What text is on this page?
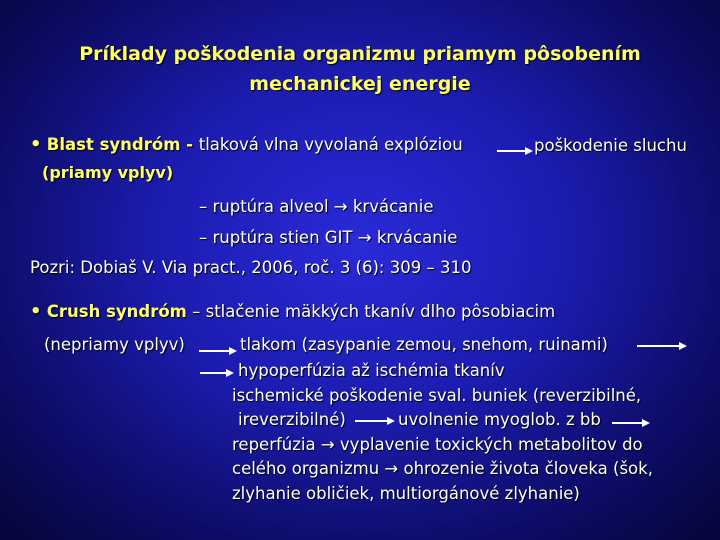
Príklady poškodenia organizmu priamym pôsobením
mechanickej energie
• Blast syndróm - tlaková vlna vyvolaná explóziou	poškodenie sluchu
(priamy vplyv)
– ruptúra alveol → krvácanie
– ruptúra stien GIT → krvácanie
Pozri: Dobiaš V. Via pract., 2006, roč. 3 (6): 309 – 310
• Crush syndróm – stlačenie mäkkých tkanív dlho pôsobiacim
(nepriamy vplyv)	tlakom (zasypanie zemou, snehom, ruinami)
hypoperfúzia až ischémia tkanív
ischemické poškodenie sval. buniek (reverzibilné,
ireverzibilné)	uvolnenie myoglob. z bb
reperfúzia → vyplavenie toxických metabolitov do
celého organizmu → ohrozenie života človeka (šok,
zlyhanie obličiek, multiorgánové zlyhanie)
